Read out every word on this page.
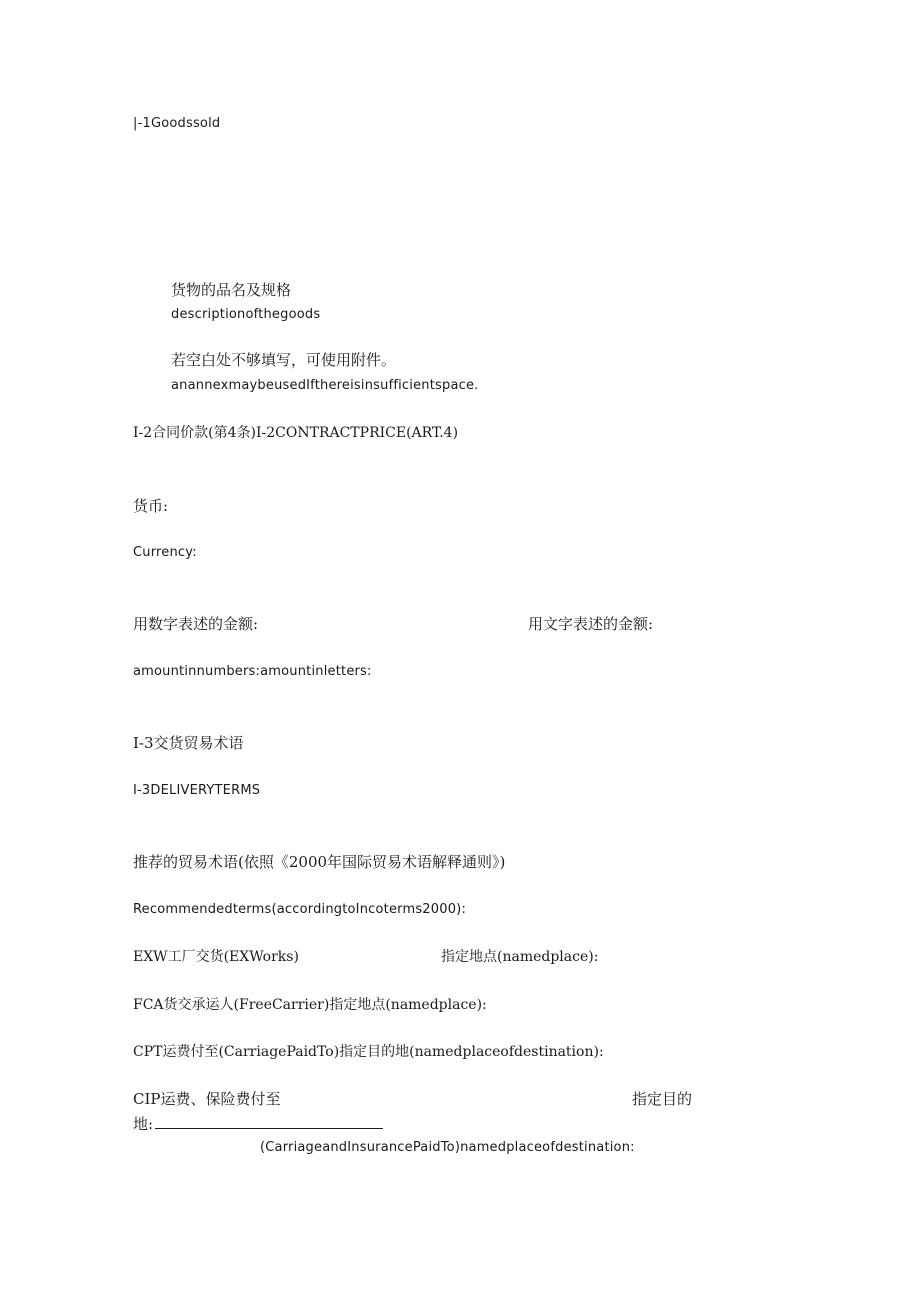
|-1Goodssold
货物的品名及规格
descriptionofthegoods
若空白处不够填写，可使用附件。
anannexmaybeusedIfthereisinsufficientspace.
I-2合同价款(第4条)I-2CONTRACTPRICE(ART.4)
货币:
Currency:
用数字表述的金额:	用文字表述的金额:
amountinnumbers:amountinletters:
I-3交货贸易术语
I-3DELIVERYTERMS
推荐的贸易术语(依照《2000年国际贸易术语解释通则》)
Recommendedterms(accordingtoIncoterms2000):
EXW工厂交货(EXWorks)	指定地点(namedplace):
FCA货交承运人(FreeCarrier)指定地点(namedplace):
CPT运费付至(CarriagePaidTo)指定目的地(namedplaceofdestination):
CIP运费、保险费付至	指定目的
地:
(CarriageandInsurancePaidTo)namedplaceofdestination:
